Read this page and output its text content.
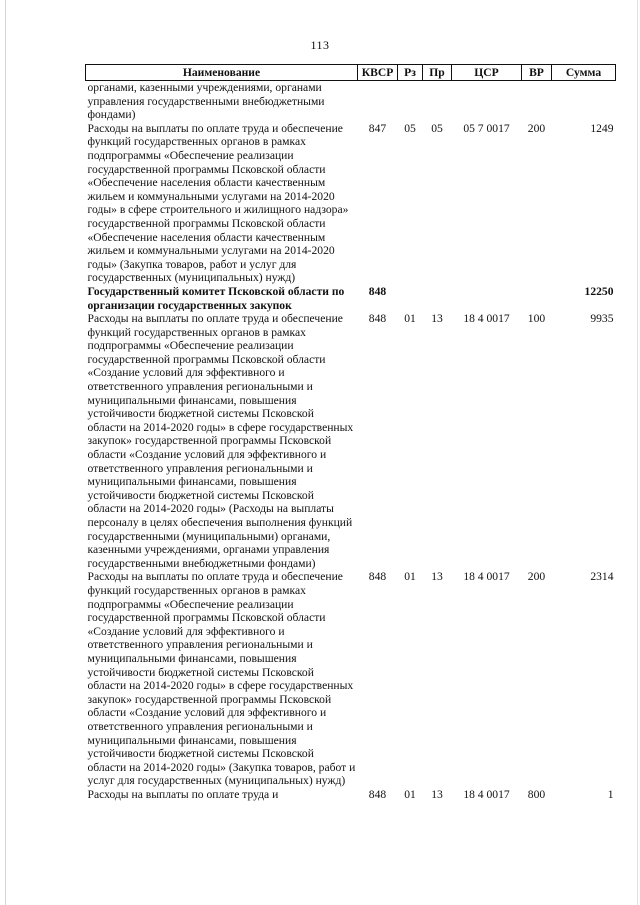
113
Наименование	КВСР	Рз	Пр	ЦСР	ВР	Сумма
органами, казенными учреждениями, органами управления государственными внебюджетными фондами)						
Расходы на выплаты по оплате труда и обеспечение функций государственных органов в рамках подпрограммы «Обеспечение реализации государственной программы Псковской области «Обеспечение населения области качественным жильем и коммунальными услугами на 2014-2020 годы» в сфере строительного и жилищного надзора» государственной программы Псковской области «Обеспечение населения области качественным жильем и коммунальными услугами на 2014-2020 годы» (Закупка товаров, работ и услуг для государственных (муниципальных) нужд)	847	05	05	05 7 0017	200	1249
Государственный комитет Псковской области по организации государственных закупок	848					12250
Расходы на выплаты по оплате труда и обеспечение функций государственных органов в рамках подпрограммы «Обеспечение реализации государственной программы Псковской области «Создание условий для эффективного и ответственного управления региональными и муниципальными финансами, повышения устойчивости бюджетной системы Псковской области на 2014-2020 годы» в сфере государственных закупок» государственной программы Псковской области «Создание условий для эффективного и ответственного управления региональными и муниципальными финансами, повышения устойчивости бюджетной системы Псковской области на 2014-2020 годы» (Расходы на выплаты персоналу в целях обеспечения выполнения функций государственными (муниципальными) органами, казенными учреждениями, органами управления государственными внебюджетными фондами)	848	01	13	18 4 0017	100	9935
Расходы на выплаты по оплате труда и обеспечение функций государственных органов в рамках подпрограммы «Обеспечение реализации государственной программы Псковской области «Создание условий для эффективного и ответственного управления региональными и муниципальными финансами, повышения устойчивости бюджетной системы Псковской области на 2014-2020 годы» в сфере государственных закупок» государственной программы Псковской области «Создание условий для эффективного и ответственного управления региональными и муниципальными финансами, повышения устойчивости бюджетной системы Псковской области на 2014-2020 годы» (Закупка товаров, работ и услуг для государственных (муниципальных) нужд)	848	01	13	18 4 0017	200	2314
Расходы на выплаты по оплате труда и	848	01	13	18 4 0017	800	1
